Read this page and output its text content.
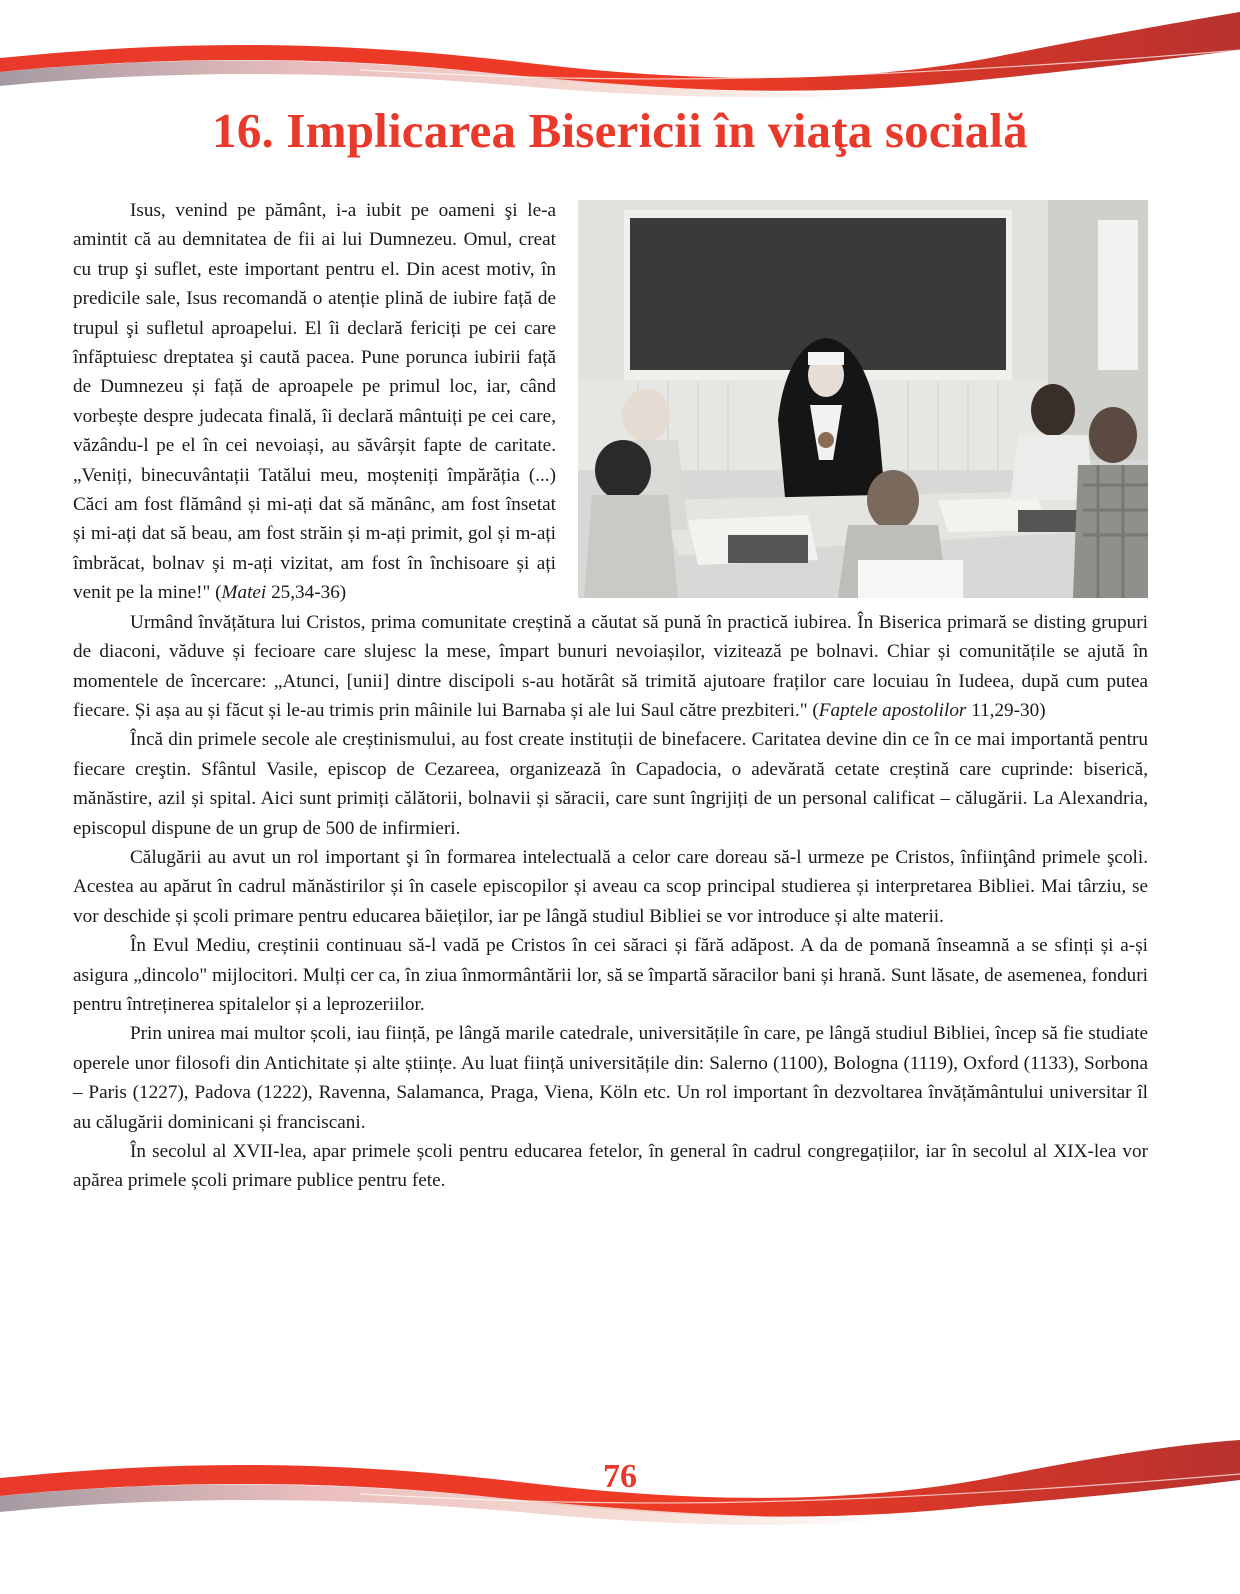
16. Implicarea Bisericii în viaţa socială

Isus, venind pe pământ, i-a iubit pe oameni şi le-a amintit că au demnitatea de fii ai lui Dumnezeu. Omul, creat cu trup şi suflet, este important pentru el. Din acest motiv, în predicile sale, Isus recomandă o atenție plină de iubire față de trupul şi sufletul aproapelui. El îi declară fericiți pe cei care înfăptuiesc dreptatea şi caută pacea. Pune porunca iubirii față de Dumnezeu și față de aproapele pe primul loc, iar, când vorbește despre judecata finală, îi declară mântuiți pe cei care, văzându-l pe el în cei nevoiași, au săvârșit fapte de caritate. „Veniți, binecuvântații Tatălui meu, moșteniți împărăția (...) Căci am fost flămând și mi-ați dat să mănânc, am fost însetat și mi-ați dat să beau, am fost străin și m-ați primit, gol și m-ați îmbrăcat, bolnav și m-ați vizitat, am fost în închisoare și ați venit pe la mine!" (Matei 25,34-36)

Urmând învățătura lui Cristos, prima comunitate creștină a căutat să pună în practică iubirea. În Biserica primară se disting grupuri de diaconi, văduve și fecioare care slujesc la mese, împart bunuri nevoiașilor, vizitează pe bolnavi. Chiar și comunitățile se ajută în momentele de încercare: „Atunci, [unii] dintre discipoli s-au hotărât să trimită ajutoare fraților care locuiau în Iudeea, după cum putea fiecare. Și așa au și făcut și le-au trimis prin mâinile lui Barnaba și ale lui Saul către prezbiteri." (Faptele apostolilor 11,29-30)

Încă din primele secole ale creștinismului, au fost create instituții de binefacere. Caritatea devine din ce în ce mai importantă pentru fiecare creştin. Sfântul Vasile, episcop de Cezareea, organizează în Capadocia, o adevărată cetate creștină care cuprinde: biserică, mănăstire, azil și spital. Aici sunt primiți călătorii, bolnavii și săracii, care sunt îngrijiți de un personal calificat – călugării. La Alexandria, episcopul dispune de un grup de 500 de infirmieri.

Călugării au avut un rol important şi în formarea intelectuală a celor care doreau să-l urmeze pe Cristos, înfiinţând primele şcoli. Acestea au apărut în cadrul mănăstirilor și în casele episcopilor și aveau ca scop principal studierea și interpretarea Bibliei. Mai târziu, se vor deschide și școli primare pentru educarea băieților, iar pe lângă studiul Bibliei se vor introduce și alte materii.

În Evul Mediu, creștinii continuau să-l vadă pe Cristos în cei săraci și fără adăpost. A da de pomană înseamnă a se sfinți și a-și asigura „dincolo" mijlocitori. Mulți cer ca, în ziua înmormântării lor, să se împartă săracilor bani și hrană. Sunt lăsate, de asemenea, fonduri pentru întreținerea spitalelor și a leprozeriilor.

Prin unirea mai multor școli, iau ființă, pe lângă marile catedrale, universitățile în care, pe lângă studiul Bibliei, încep să fie studiate operele unor filosofi din Antichitate și alte științe. Au luat ființă universitățile din: Salerno (1100), Bologna (1119), Oxford (1133), Sorbona – Paris (1227), Padova (1222), Ravenna, Salamanca, Praga, Viena, Köln etc. Un rol important în dezvoltarea învățământului universitar îl au călugării dominicani și franciscani.

În secolul al XVII-lea, apar primele școli pentru educarea fetelor, în general în cadrul congregațiilor, iar în secolul al XIX-lea vor apărea primele școli primare publice pentru fete.

76
